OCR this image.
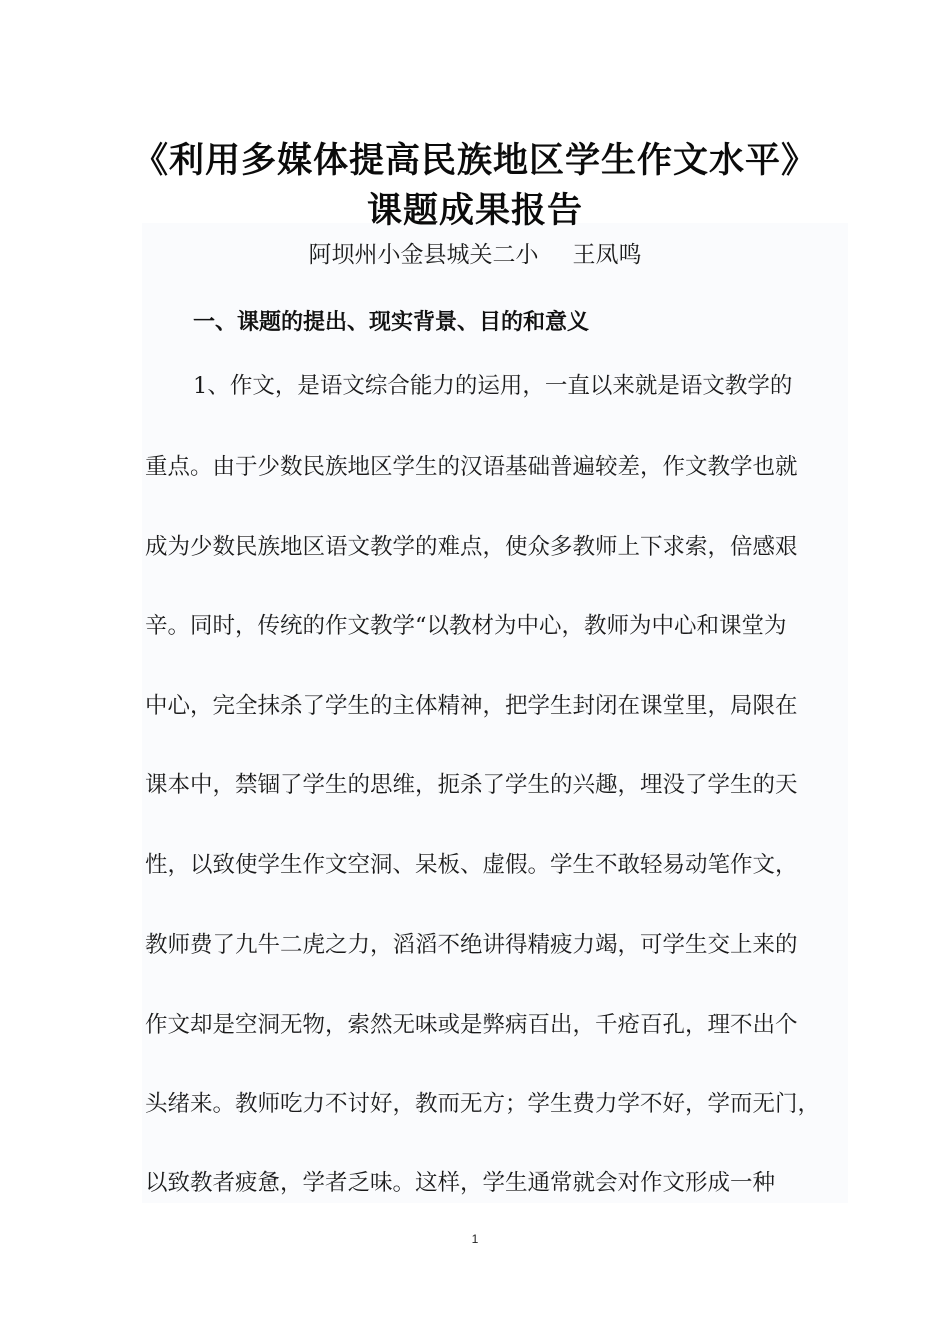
《利用多媒体提高民族地区学生作文水平》
课题成果报告
阿坝州小金县城关二小 王凤鸣
一、课题的提出、现实背景、目的和意义
1、作文，是语文综合能力的运用，一直以来就是语文教学的
重点。由于少数民族地区学生的汉语基础普遍较差，作文教学也就
成为少数民族地区语文教学的难点，使众多教师上下求索，倍感艰
辛。同时，传统的作文教学“以教材为中心，教师为中心和课堂为
中心，完全抹杀了学生的主体精神，把学生封闭在课堂里，局限在
课本中，禁锢了学生的思维，扼杀了学生的兴趣，埋没了学生的天
性，以致使学生作文空洞、呆板、虚假。学生不敢轻易动笔作文，
教师费了九牛二虎之力，滔滔不绝讲得精疲力竭，可学生交上来的
作文却是空洞无物，索然无味或是弊病百出，千疮百孔，理不出个
头绪来。教师吃力不讨好，教而无方；学生费力学不好，学而无门，
以致教者疲惫，学者乏味。这样，学生通常就会对作文形成一种
1
